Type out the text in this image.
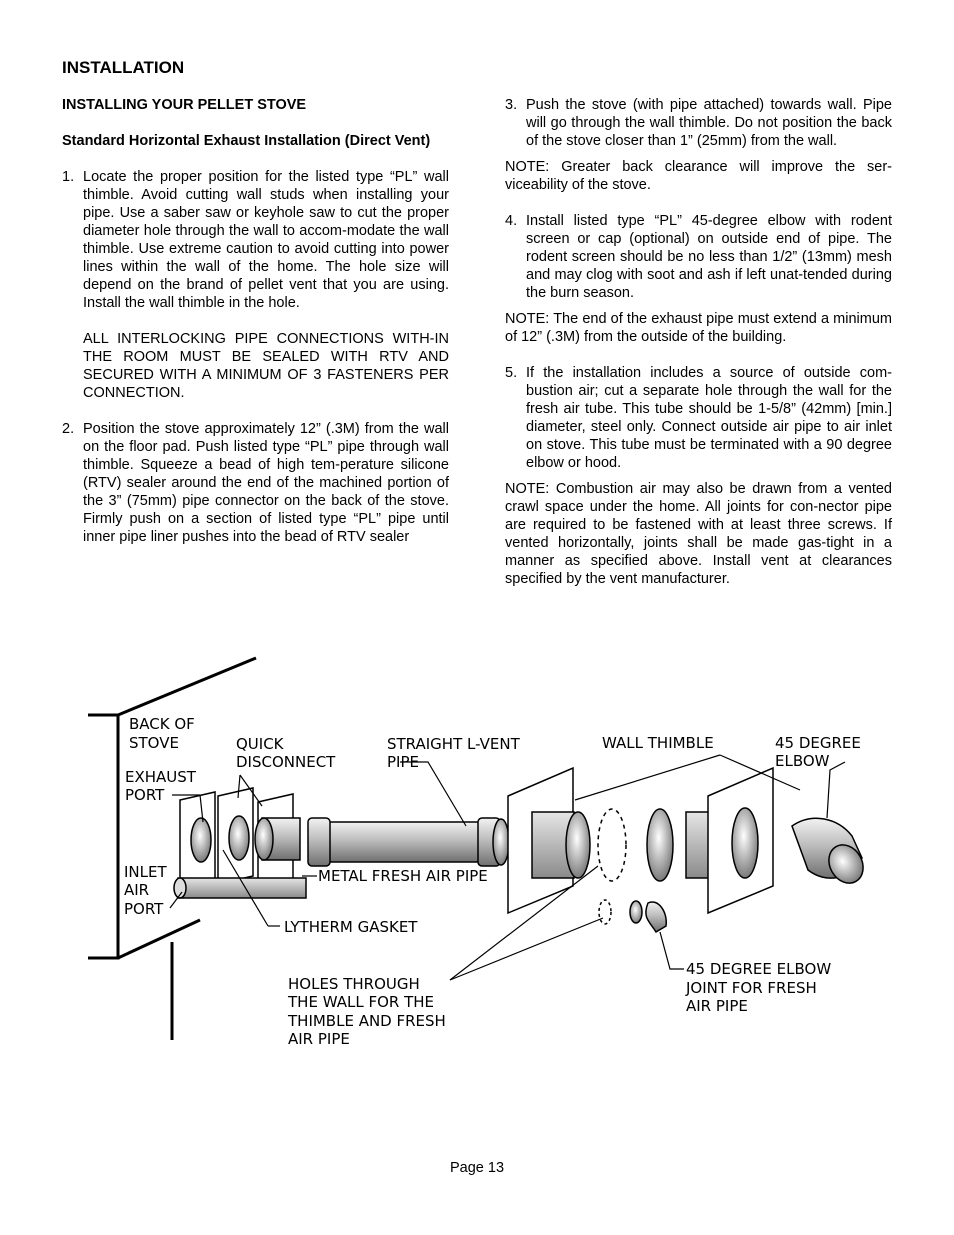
INSTALLATION
INSTALLING YOUR PELLET STOVE
Standard Horizontal Exhaust Installation (Direct Vent)
1. Locate the proper position for the listed type “PL” wall thimble. Avoid cutting wall studs when installing your pipe. Use a saber saw or keyhole saw to cut the proper diameter hole through the wall to accom-modate the wall thimble. Use extreme caution to avoid cutting into power lines within the wall of the home. The hole size will depend on the brand of pellet vent that you are using. Install the wall thimble in the hole.

ALL INTERLOCKING PIPE CONNECTIONS WITH-IN THE ROOM MUST BE SEALED WITH RTV AND SECURED WITH A MINIMUM OF 3 FASTENERS PER CONNECTION.

2. Position the stove approximately 12” (.3M) from the wall on the floor pad. Push listed type “PL” pipe through wall thimble. Squeeze a bead of high tem-perature silicone (RTV) sealer around the end of the machined portion of the 3” (75mm) pipe connector on the back of the stove. Firmly push on a section of listed type “PL” pipe until inner pipe liner pushes into the bead of RTV sealer

3. Push the stove (with pipe attached) towards wall. Pipe will go through the wall thimble. Do not position the back of the stove closer than 1” (25mm) from the wall.

NOTE: Greater back clearance will improve the ser-viceability of the stove.
4. Install listed type “PL” 45-degree elbow with rodent screen or cap (optional) on outside end of pipe. The rodent screen should be no less than 1/2” (13mm) mesh and may clog with soot and ash if left unat-tended during the burn season.

NOTE: The end of the exhaust pipe must extend a minimum of 12” (.3M) from the outside of the building.
5. If the installation includes a source of outside com-bustion air; cut a separate hole through the wall for the fresh air tube. This tube should be 1-5/8” (42mm) [min.] diameter, steel only. Connect outside air pipe to air inlet on stove. This tube must be terminated with a 90 degree elbow or hood.

NOTE: Combustion air may also be drawn from a vented crawl space under the home. All joints for con-nector pipe are required to be fastened with at least three screws. If vented horizontally, joints shall be made gas-tight in a manner as specified above. Install vent at clearances specified by the vent manufacturer.
BACK OF STOVE	QUICK DISCONNECT
EXHAUST PORT
INLET AIR PORT
STRAIGHT L-VENT PIPE
WALL THIMBLE	45 DEGREE ELBOW
METAL FRESH AIR PIPE
LYTHERM GASKET
HOLES THROUGH THE WALL FOR THE THIMBLE AND FRESH AIR PIPE
45 DEGREE ELBOW JOINT FOR FRESH AIR PIPE
Page 13
